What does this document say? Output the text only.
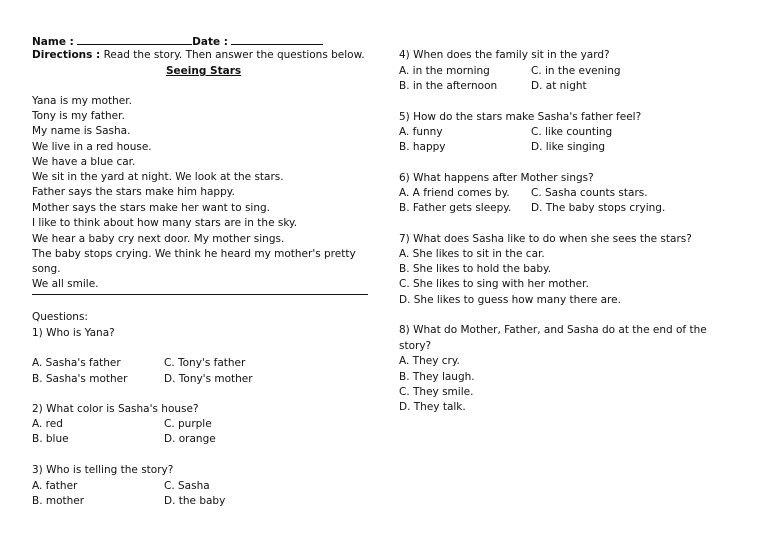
Name :	Date :
Directions : Read the story. Then answer the questions below.
Seeing Stars
Yana is my mother.
Tony is my father.
My name is Sasha.
We live in a red house.
We have a blue car.
We sit in the yard at night. We look at the stars.
Father says the stars make him happy.
Mother says the stars make her want to sing.
I like to think about how many stars are in the sky.
We hear a baby cry next door. My mother sings.
The baby stops crying. We think he heard my mother's pretty
song.
We all smile.
Questions:
1) Who is Yana?
A. Sasha's father	C. Tony's father
B. Sasha's mother	D. Tony's mother
2) What color is Sasha's house?
A. red	C. purple
B. blue	D. orange
3) Who is telling the story?
A. father	C. Sasha
B. mother	D. the baby
4) When does the family sit in the yard?
A. in the morning	C. in the evening
B. in the afternoon	D. at night
5) How do the stars make Sasha's father feel?
A. funny	C. like counting
B. happy	D. like singing
6) What happens after Mother sings?
A. A friend comes by. C. Sasha counts stars.
B. Father gets sleepy. D. The baby stops crying.
7) What does Sasha like to do when she sees the stars?
A. She likes to sit in the car.
B. She likes to hold the baby.
C. She likes to sing with her mother.
D. She likes to guess how many there are.
8) What do Mother, Father, and Sasha do at the end of the
story?
A. They cry.
B. They laugh.
C. They smile.
D. They talk.
